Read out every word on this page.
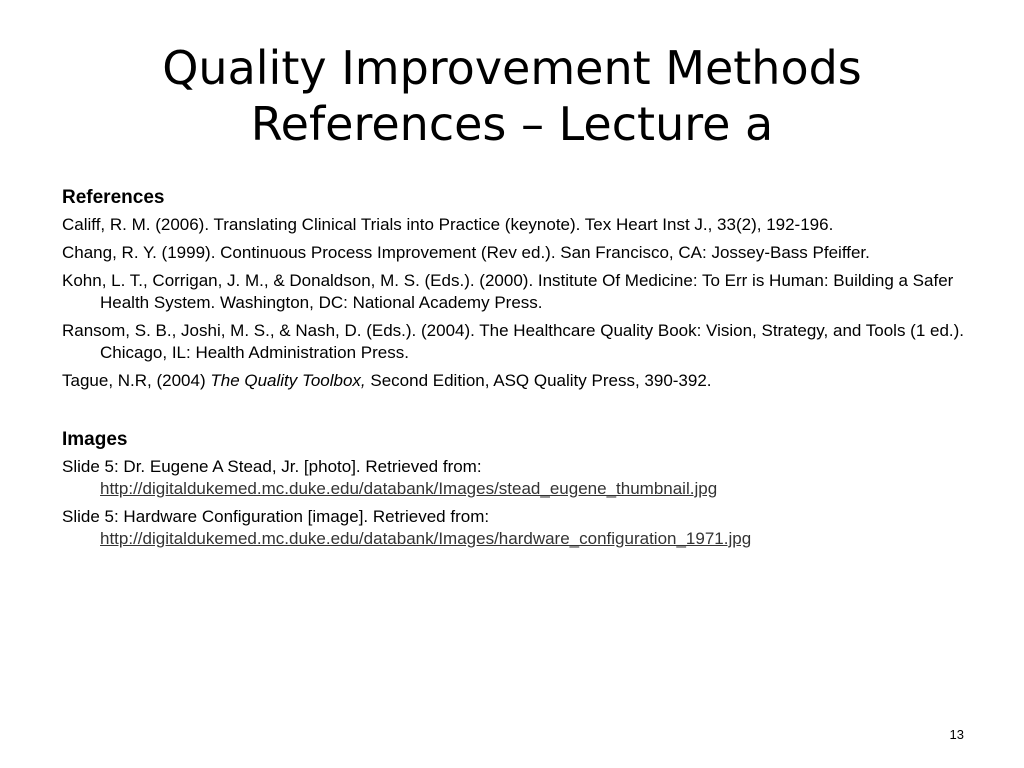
Quality Improvement Methods
References – Lecture a
References
Califf, R. M. (2006). Translating Clinical Trials into Practice (keynote). Tex Heart Inst J., 33(2), 192-196.
Chang, R. Y. (1999). Continuous Process Improvement (Rev ed.). San Francisco, CA: Jossey-Bass Pfeiffer.
Kohn, L. T., Corrigan, J. M., & Donaldson, M. S. (Eds.). (2000). Institute Of Medicine: To Err is Human: Building a Safer Health System. Washington, DC: National Academy Press.
Ransom, S. B., Joshi, M. S., & Nash, D. (Eds.). (2004). The Healthcare Quality Book: Vision, Strategy, and Tools (1 ed.). Chicago, IL: Health Administration Press.
Tague, N.R, (2004) The Quality Toolbox, Second Edition, ASQ Quality Press, 390-392.
Images
Slide 5: Dr. Eugene A Stead, Jr. [photo]. Retrieved from:
http://digitaldukemed.mc.duke.edu/databank/Images/stead_eugene_thumbnail.jpg
Slide 5: Hardware Configuration [image]. Retrieved from:
http://digitaldukemed.mc.duke.edu/databank/Images/hardware_configuration_1971.jpg
13
